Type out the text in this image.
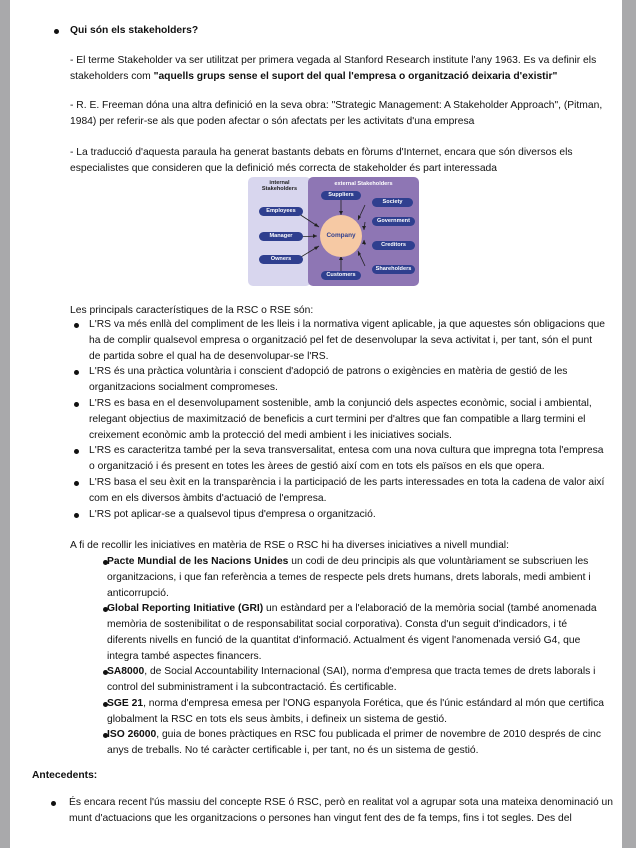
Qui són els stakeholders?
- El terme Stakeholder va ser utilitzat per primera vegada al Stanford Research institute l'any 1963. Es va definir els
stakeholders com "aquells grups sense el suport del qual l'empresa o organització deixaria d'existir"
- R. E. Freeman dóna una altra definició en la seva obra: "Strategic Management: A Stakeholder Approach", (Pitman,
1984) per referir-se als que poden afectar o són afectats per les activitats d'una empresa
- La traducció d'aquesta paraula ha generat bastants debats en fòrums d'Internet, encara que són diversos els
especialistes que consideren que la definició més correcta de stakeholder és part interessada
internal
Stakeholders
external Stakeholders
Company
Employees
Manager
Owners
Suppliers
Society
Government
Creditors
Shareholders
Customers
Les principals característiques de la RSC o RSE són:
L'RS va més enllà del compliment de les lleis i la normativa vigent aplicable, ja que aquestes són obligacions que
ha de complir qualsevol empresa o organització pel fet de desenvolupar la seva activitat i, per tant, són el punt
de partida sobre el qual ha de desenvolupar-se l'RS.
L'RS és una pràctica voluntària i conscient d'adopció de patrons o exigències en matèria de gestió de les
organitzacions socialment compromeses.
L'RS es basa en el desenvolupament sostenible, amb la conjunció dels aspectes econòmic, social i ambiental,
relegant objectius de maximització de beneficis a curt termini per d'altres que fan compatible a llarg termini el
creixement econòmic amb la protecció del medi ambient i les iniciatives socials.
L'RS es caracteritza també per la seva transversalitat, entesa com una nova cultura que impregna tota l'empresa
o organització i és present en totes les àrees de gestió així com en tots els països en els que opera.
L'RS basa el seu èxit en la transparència i la participació de les parts interessades en tota la cadena de valor així
com en els diversos àmbits d'actuació de l'empresa.
L'RS pot aplicar-se a qualsevol tipus d'empresa o organització.
A fi de recollir les iniciatives en matèria de RSE o RSC hi ha diverses iniciatives a nivell mundial:
Pacte Mundial de les Nacions Unides un codi de deu principis als que voluntàriament se subscriuen les
organitzacions, i que fan referència a temes de respecte pels drets humans, drets laborals, medi ambient i
anticorrupció.
Global Reporting Initiative (GRI) un estàndard per a l'elaboració de la memòria social (també anomenada
memòria de sostenibilitat o de responsabilitat social corporativa). Consta d'un seguit d'indicadors, i té
diferents nivells en funció de la quantitat d'informació. Actualment és vigent l'anomenada versió G4, que
integra també aspectes financers.
SA8000, de Social Accountability Internacional (SAI), norma d'empresa que tracta temes de drets laborals i
control del subministrament i la subcontractació. És certificable.
SGE 21, norma d'empresa emesa per l'ONG espanyola Forética, que és l'únic estándard al món que certifica
globalment la RSC en tots els seus àmbits, i defineix un sistema de gestió.
ISO 26000, guia de bones pràctiques en RSC fou publicada el primer de novembre de 2010 després de cinc
anys de treballs. No té caràcter certificable i, per tant, no és un sistema de gestió.
Antecedents:
És encara recent l'ús massiu del concepte RSE ó RSC, però en realitat vol a agrupar sota una mateixa denominació un
munt d'actuacions que les organitzacions o persones han vingut fent des de fa temps, fins i tot segles. Des del
